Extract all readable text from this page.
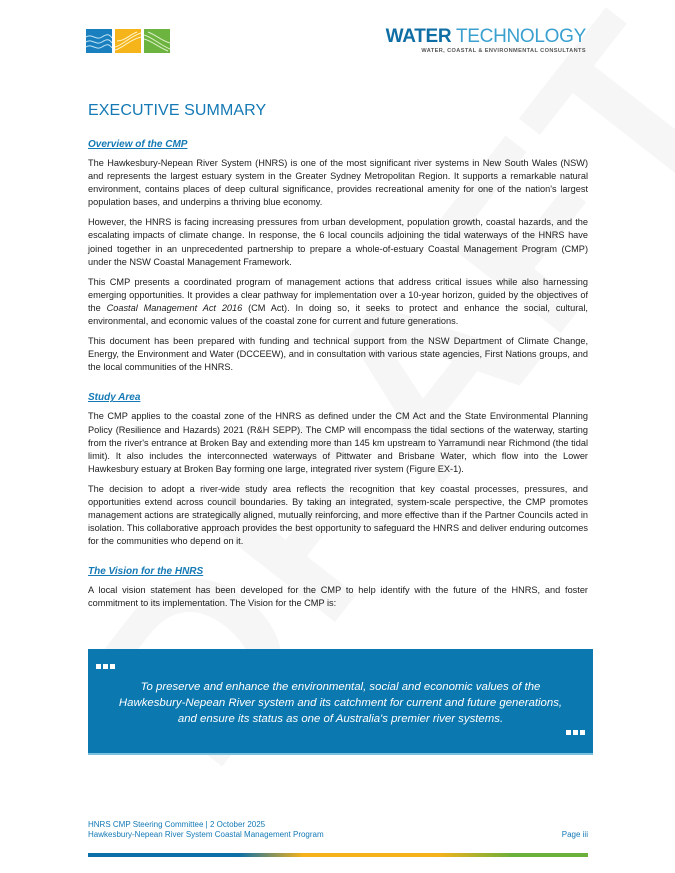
WATER TECHNOLOGY
WATER, COASTAL & ENVIRONMENTAL CONSULTANTS
EXECUTIVE SUMMARY
Overview of the CMP

The Hawkesbury-Nepean River System (HNRS) is one of the most significant river systems in New South Wales (NSW) and represents the largest estuary system in the Greater Sydney Metropolitan Region. It supports a remarkable natural environment, contains places of deep cultural significance, provides recreational amenity for one of the nation's largest population bases, and underpins a thriving blue economy.

However, the HNRS is facing increasing pressures from urban development, population growth, coastal hazards, and the escalating impacts of climate change. In response, the 6 local councils adjoining the tidal waterways of the HNRS have joined together in an unprecedented partnership to prepare a whole-of-estuary Coastal Management Program (CMP) under the NSW Coastal Management Framework.

This CMP presents a coordinated program of management actions that address critical issues while also harnessing emerging opportunities. It provides a clear pathway for implementation over a 10-year horizon, guided by the objectives of the Coastal Management Act 2016 (CM Act). In doing so, it seeks to protect and enhance the social, cultural, environmental, and economic values of the coastal zone for current and future generations.

This document has been prepared with funding and technical support from the NSW Department of Climate Change, Energy, the Environment and Water (DCCEEW), and in consultation with various state agencies, First Nations groups, and the local communities of the HNRS.

Study Area

The CMP applies to the coastal zone of the HNRS as defined under the CM Act and the State Environmental Planning Policy (Resilience and Hazards) 2021 (R&H SEPP). The CMP will encompass the tidal sections of the waterway, starting from the river's entrance at Broken Bay and extending more than 145 km upstream to Yarramundi near Richmond (the tidal limit). It also includes the interconnected waterways of Pittwater and Brisbane Water, which flow into the Lower Hawkesbury estuary at Broken Bay forming one large, integrated river system (Figure EX-1).

The decision to adopt a river-wide study area reflects the recognition that key coastal processes, pressures, and opportunities extend across council boundaries. By taking an integrated, system-scale perspective, the CMP promotes management actions are strategically aligned, mutually reinforcing, and more effective than if the Partner Councils acted in isolation. This collaborative approach provides the best opportunity to safeguard the HNRS and deliver enduring outcomes for the communities who depend on it.

The Vision for the HNRS

A local vision statement has been developed for the CMP to help identify with the future of the HNRS, and foster commitment to its implementation. The Vision for the CMP is:

To preserve and enhance the environmental, social and economic values of the
Hawkesbury-Nepean River system and its catchment for current and future generations,
and ensure its status as one of Australia's premier river systems.
HNRS CMP Steering Committee | 2 October 2025
Hawkesbury-Nepean River System Coastal Management Program	Page iii
